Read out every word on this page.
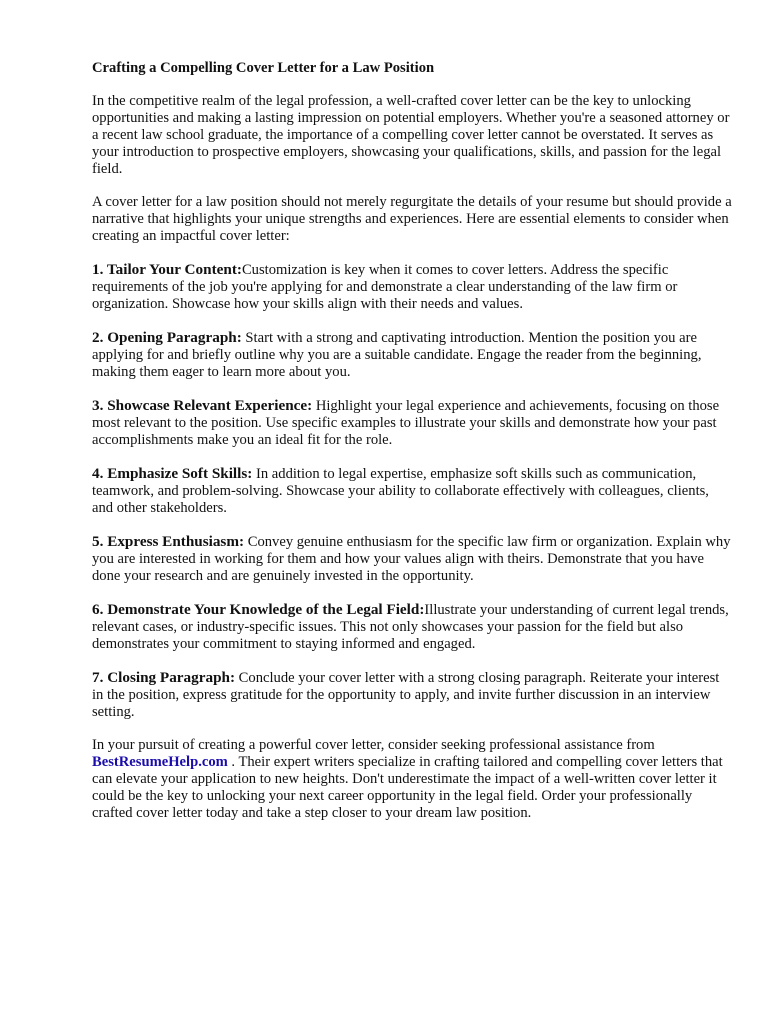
Crafting a Compelling Cover Letter for a Law Position

In the competitive realm of the legal profession, a well-crafted cover letter can be the key to unlocking opportunities and making a lasting impression on potential employers. Whether you're a seasoned attorney or a recent law school graduate, the importance of a compelling cover letter cannot be overstated. It serves as your introduction to prospective employers, showcasing your qualifications, skills, and passion for the legal field.

A cover letter for a law position should not merely regurgitate the details of your resume but should provide a narrative that highlights your unique strengths and experiences. Here are essential elements to consider when creating an impactful cover letter:

1. Tailor Your Content:Customization is key when it comes to cover letters. Address the specific requirements of the job you're applying for and demonstrate a clear understanding of the law firm or organization. Showcase how your skills align with their needs and values.

2. Opening Paragraph: Start with a strong and captivating introduction. Mention the position you are applying for and briefly outline why you are a suitable candidate. Engage the reader from the beginning, making them eager to learn more about you.

3. Showcase Relevant Experience: Highlight your legal experience and achievements, focusing on those most relevant to the position. Use specific examples to illustrate your skills and demonstrate how your past accomplishments make you an ideal fit for the role.

4. Emphasize Soft Skills: In addition to legal expertise, emphasize soft skills such as communication, teamwork, and problem-solving. Showcase your ability to collaborate effectively with colleagues, clients, and other stakeholders.

5. Express Enthusiasm: Convey genuine enthusiasm for the specific law firm or organization. Explain why you are interested in working for them and how your values align with theirs. Demonstrate that you have done your research and are genuinely invested in the opportunity.

6. Demonstrate Your Knowledge of the Legal Field:Illustrate your understanding of current legal trends, relevant cases, or industry-specific issues. This not only showcases your passion for the field but also demonstrates your commitment to staying informed and engaged.

7. Closing Paragraph: Conclude your cover letter with a strong closing paragraph. Reiterate your interest in the position, express gratitude for the opportunity to apply, and invite further discussion in an interview setting.

In your pursuit of creating a powerful cover letter, consider seeking professional assistance from BestResumeHelp.com . Their expert writers specialize in crafting tailored and compelling cover letters that can elevate your application to new heights. Don't underestimate the impact of a well-written cover letter it could be the key to unlocking your next career opportunity in the legal field. Order your professionally crafted cover letter today and take a step closer to your dream law position.
